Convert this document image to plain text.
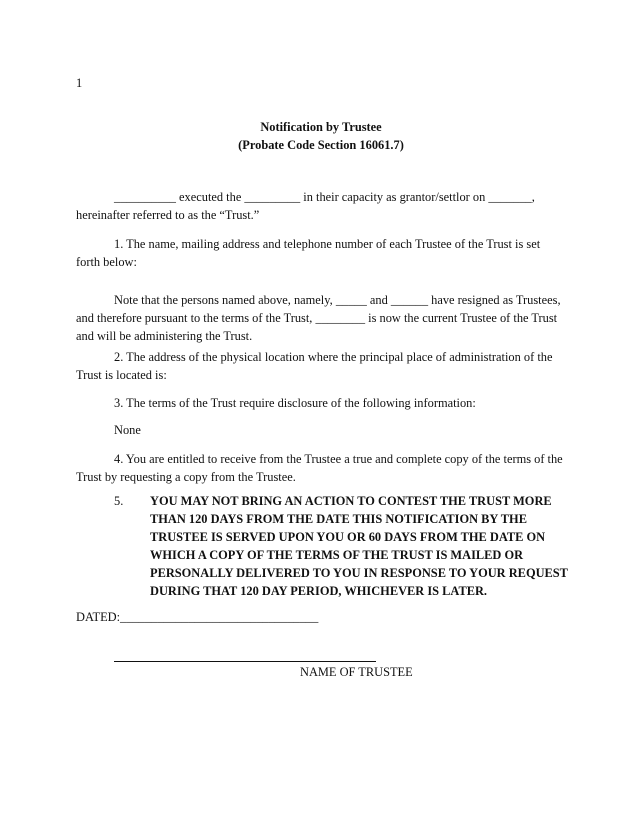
1
Notification by Trustee
(Probate Code Section 16061.7)

__________ executed the _________ in their capacity as grantor/settlor on _______, hereinafter referred to as the “Trust.”

1. The name, mailing address and telephone number of each Trustee of the Trust is set forth below:

Note that the persons named above, namely, _____ and ______ have resigned as Trustees, and therefore pursuant to the terms of the Trust, ________ is now the current Trustee of the Trust and will be administering the Trust.

2. The address of the physical location where the principal place of administration of the Trust is located is:

3. The terms of the Trust require disclosure of the following information:

None

4. You are entitled to receive from the Trustee a true and complete copy of the terms of the Trust by requesting a copy from the Trustee.

5. YOU MAY NOT BRING AN ACTION TO CONTEST THE TRUST MORE THAN 120 DAYS FROM THE DATE THIS NOTIFICATION BY THE TRUSTEE IS SERVED UPON YOU OR 60 DAYS FROM THE DATE ON WHICH A COPY OF THE TERMS OF THE TRUST IS MAILED OR PERSONALLY DELIVERED TO YOU IN RESPONSE TO YOUR REQUEST DURING THAT 120 DAY PERIOD, WHICHEVER IS LATER.
DATED:________________________________
NAME OF TRUSTEE
